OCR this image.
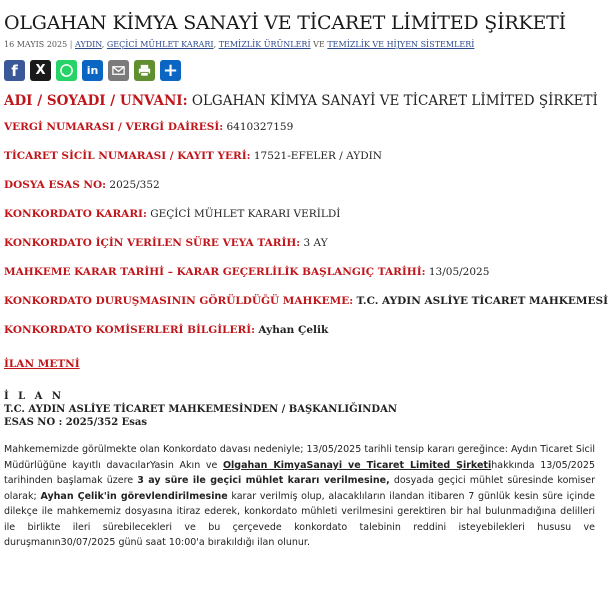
OLGAHAN KİMYA SANAYİ VE TİCARET LİMİTED ŞİRKETİ
16 MAYIS 2025 | AYDIN, GEÇİCİ MÜHLET KARARI, TEMİZLİK ÜRÜNLERİ VE TEMİZLİK VE HİJYEN SİSTEMLERİ
f X	in	+
ADI / SOYADI / UNVANI: OLGAHAN KİMYA SANAYİ VE TİCARET LİMİTED ŞİRKETİ
VERGİ NUMARASI / VERGİ DAİRESİ: 6410327159
TİCARET SİCİL NUMARASI / KAYIT YERİ: 17521-EFELER / AYDIN
DOSYA ESAS NO: 2025/352
KONKORDATO KARARI: GEÇİCİ MÜHLET KARARI VERİLDİ
KONKORDATO İÇİN VERİLEN SÜRE VEYA TARİH: 3 AY
MAHKEME KARAR TARİHİ – KARAR GEÇERLİLİK BAŞLANGIÇ TARİHİ: 13/05/2025
KONKORDATO DURUŞMASININ GÖRÜLDÜĞÜ MAHKEME: T.C. AYDIN ASLİYE TİCARET MAHKEMESİ
KONKORDATO KOMİSERLERİ BİLGİLERİ: Ayhan Çelik
İLAN METNİ
İ L A N
T.C. AYDIN ASLİYE TİCARET MAHKEMESİNDEN / BAŞKANLIĞINDAN
ESAS NO : 2025/352 Esas
Mahkememizde görülmekte olan Konkordato davası nedeniyle; 13/05/2025 tarihli tensip kararı gereğince: Aydın Ticaret Sicil Müdürlüğüne kayıtlı davacılarYasin Akın ve Olgahan KimyaSanayi ve Ticaret Limited Şirketihakkında 13/05/2025 tarihinden başlamak üzere 3 ay süre ile geçici mühlet kararı verilmesine, dosyada geçici mühlet süresinde komiser olarak; Ayhan Çelik'in görevlendirilmesine karar verilmiş olup, alacaklıların ilandan itibaren 7 günlük kesin süre içinde dilekçe ile mahkememiz dosyasına itiraz ederek, konkordato mühleti verilmesini gerektiren bir hal bulunmadığına delilleri ile birlikte ileri sürebilecekleri ve bu çerçevede konkordato talebinin reddini isteyebilekleri hususu ve duruşmanın30/07/2025 günü saat 10:00'a bırakıldığı ilan olunur.
